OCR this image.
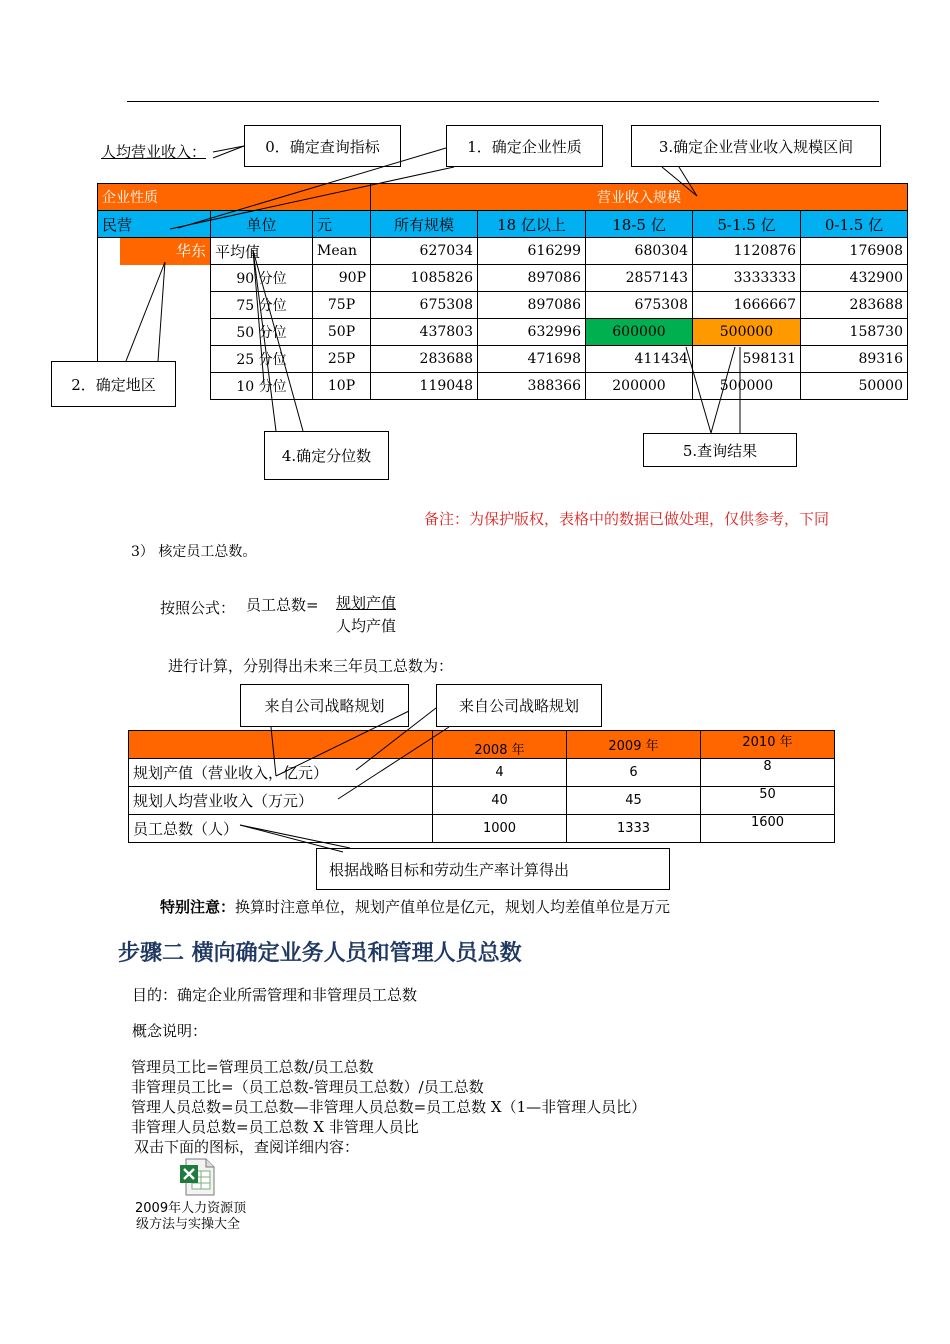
人均营业收入：
企业性质			营业收入规模				
民营	单位	元	所有规模	18 亿以上	18-5 亿	5-1.5 亿	0-1.5 亿

华东	平均值	Mean	627034	616299	680304	1120876	176908
	90 分位	90P	1085826	897086	2857143	3333333	432900
	75 分位	75P	675308	897086	675308	1666667	283688
	50 分位	50P	437803	632996	600000	500000	158730
	25 分位	25P	283688	471698	411434	598131	89316
	10 分位	10P	119048	388366	200000	500000	50000
0．确定查询指标	1．确定企业性质	3.确定企业营业收入规模区间
2．确定地区
4.确定分位数	5.查询结果
备注：为保护版权，表格中的数据已做处理，仅供参考，下同
3） 核定员工总数。
按照公式： 员工总数= 规划产值
人均产值
进行计算，分别得出未来三年员工总数为：
来自公司战略规划	来自公司战略规划
	2008 年	2009 年	2010 年
规划产值（营业收入，亿元）	4	6	8
规划人均营业收入（万元）	40	45	50
员工总数（人）	1000	1333	1600
根据战略目标和劳动生产率计算得出
特别注意：换算时注意单位，规划产值单位是亿元，规划人均差值单位是万元
步骤二 横向确定业务人员和管理人员总数
目的：确定企业所需管理和非管理员工总数
概念说明：
管理员工比=管理员工总数/员工总数
非管理员工比=（员工总数-管理员工总数）/员工总数
管理人员总数=员工总数—非管理人员总数=员工总数 X（1—非管理人员比）
非管理人员总数=员工总数 X 非管理人员比
双击下面的图标，查阅详细内容：
2009年人力资源顶
级方法与实操大全
